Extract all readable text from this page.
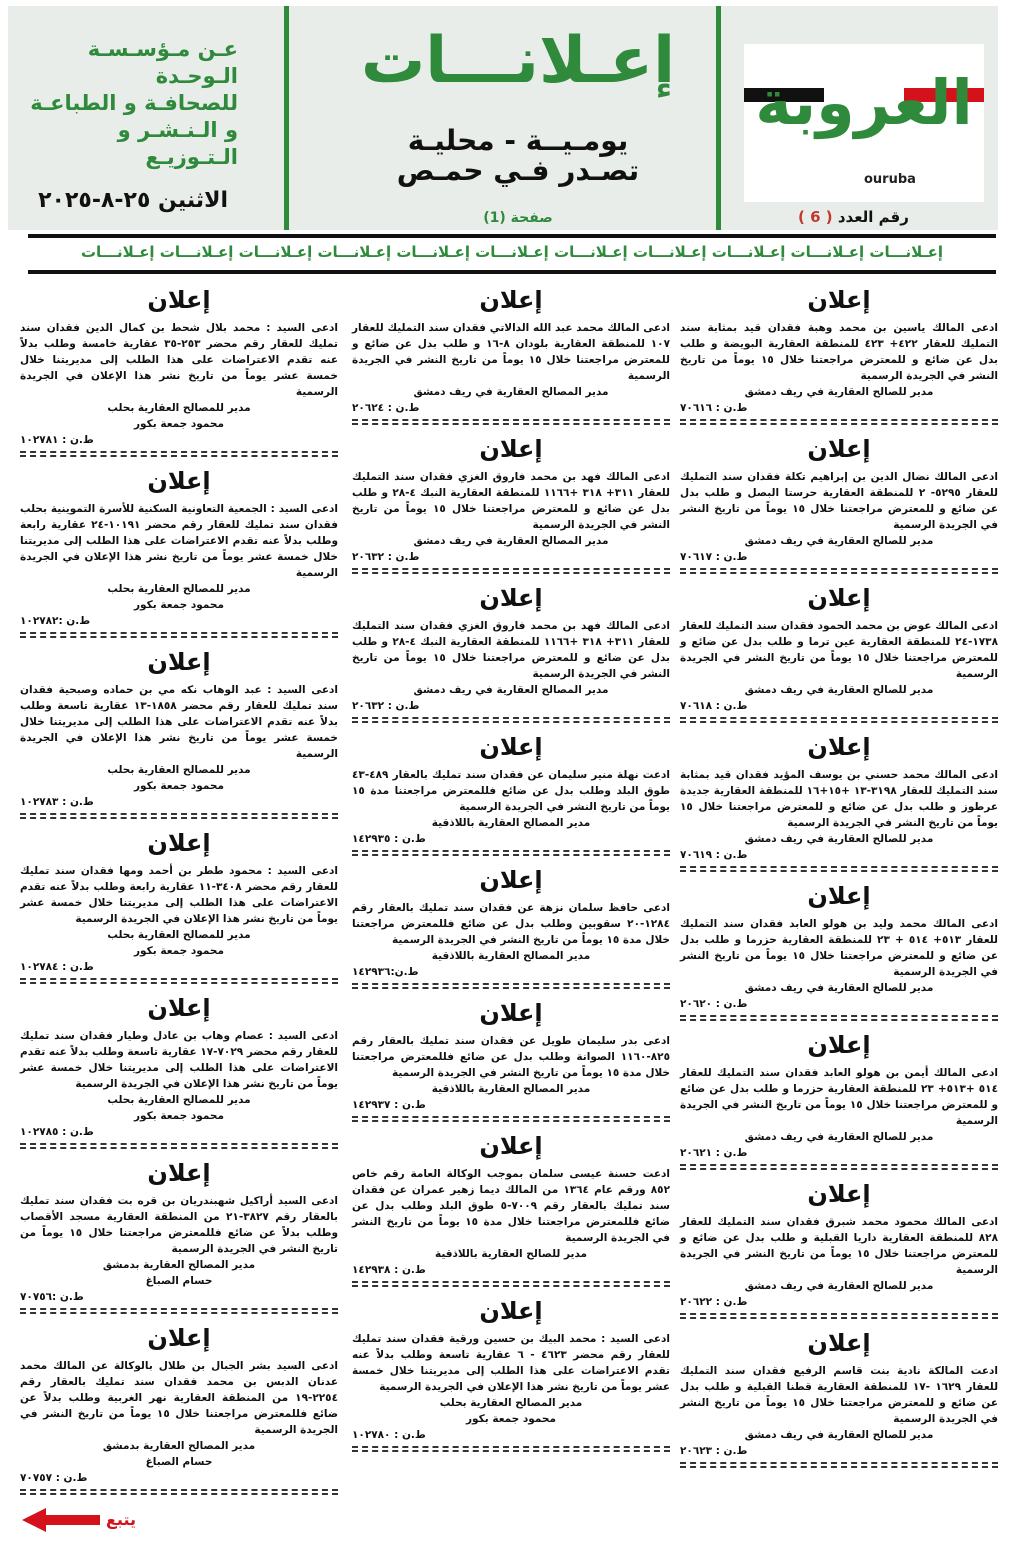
العروبة
ouruba
رقم العدد ( 6 )
إعـلانـــات
يومـيــة - محليـة
تصـدر فـي حمـص
صفحة (1)
عـن مـؤسـسـة الـوحـدة
للصحافـة و الطباعـة
و الـنـشـر و الـتـوزيـع
الاثنين ٢٥-٨-٢٠٢٥
إعـلانـــات إعـلانـــات إعـلانـــات إعـلانـــات إعـلانـــات إعـلانـــات إعـلانـــات إعـلانـــات إعـلانـــات إعـلانـــات إعـلانـــات
إعلان
ادعى المالك ياسين بن محمد وهبة فقدان قيد بمثابة سند التمليك للعقار ٤٢٢+ ٤٢٣ للمنطقة العقارية البويضة و طلب بدل عن ضائع و للمعترض مراجعتنا خلال ١٥ يوماً من تاريخ النشر في الجريدة الرسمية
مدير للصالح العقارية في ريف دمشق
ط.ن : ٧٠٦١٦
إعلان
ادعى المالك نضال الدين بن إبراهيم تكلة فقدان سند التمليك للعقار ٥٢٩٥- ٢ للمنطقة العقارية حرستا البصل و طلب بدل عن ضائع و للمعترض مراجعتنا خلال ١٥ يوماً من تاريخ النشر في الجريدة الرسمية
مدير للصالح العقارية في ريف دمشق
ط.ن : ٧٠٦١٧
إعلان
ادعى المالك عوض بن محمد الحمود فقدان سند التمليك للعقار ١٧٣٨-٢٤ للمنطقة العقارية عين ترما و طلب بدل عن ضائع و للمعترض مراجعتنا خلال ١٥ يوماً من تاريخ النشر في الجريدة الرسمية
مدير للصالح العقارية في ريف دمشق
ط.ن : ٧٠٦١٨
إعلان
ادعى المالك محمد حسني بن يوسف المؤيد فقدان قيد بمثابة سند التمليك للعقار ٣١٩٨-١٣ +١٥+١٦ للمنطقة العقارية جديدة عرطوز و طلب بدل عن ضائع و للمعترض مراجعتنا خلال ١٥ يوماً من تاريخ النشر في الجريدة الرسمية
مدير للصالح العقارية في ريف دمشق
ط.ن : ٧٠٦١٩
إعلان
ادعى المالك محمد وليد بن هولو العابد فقدان سند التمليك للعقار ٥١٣+ ٥١٤ + ٢٣ للمنطقة العقارية حزرما و طلب بدل عن ضائع و للمعترض مراجعتنا خلال ١٥ يوماً من تاريخ النشر في الجريدة الرسمية
مدير للصالح العقارية في ريف دمشق
ط.ن : ٢٠٦٢٠
إعلان
ادعى المالك أيمن بن هولو العابد فقدان سند التمليك للعقار ٥١٤ +٥١٣+ ٢٣ للمنطقة العقارية حزرما و طلب بدل عن ضائع و للمعترض مراجعتنا خلال ١٥ يوماً من تاريخ النشر في الجريدة الرسمية
مدير للصالح العقارية في ريف دمشق
ط.ن : ٢٠٦٢١
إعلان
ادعى المالك محمود محمد شبرق فقدان سند التمليك للعقار ٨٢٨ للمنطقة العقارية داريا القبلية و طلب بدل عن ضائع و للمعترض مراجعتنا خلال ١٥ يوماً من تاريخ النشر في الجريدة الرسمية
مدير للصالح العقارية في ريف دمشق
ط.ن : ٢٠٦٢٢
إعلان
ادعت المالكة نادية بنت قاسم الرفيع فقدان سند التمليك للعقار ١٦٢٩ -١٧ للمنطقة العقارية قطنا القبلية و طلب بدل عن ضائع و للمعترض مراجعتنا خلال ١٥ يوماً من تاريخ النشر في الجريدة الرسمية
مدير للصالح العقارية في ريف دمشق
ط.ن : ٢٠٦٢٣
إعلان
ادعى المالك محمد عبد الله الدالاتي فقدان سند التمليك للعقار ١٠٧ للمنطقة العقارية بلودان ٨-١٦ و طلب بدل عن ضائع و للمعترض مراجعتنا خلال ١٥ يوماً من تاريخ النشر في الجريدة الرسمية
مدير المصالح العقارية في ريف دمشق
ط.ن : ٢٠٦٢٤
إعلان
ادعى المالك فهد بن محمد فاروق الغزي فقدان سند التمليك للعقار ٣١١+ ٣١٨ +١١٦٦ للمنطقة العقارية النبك ٤-٢٨ و طلب بدل عن ضائع و للمعترض مراجعتنا خلال ١٥ يوماً من تاريخ النشر في الجريدة الرسمية
مدير المصالح العقارية في ريف دمشق
ط.ن : ٢٠٦٣٢
إعلان
ادعى المالك فهد بن محمد فاروق الغزي فقدان سند التمليك للعقار ٣١١+ ٣١٨ +١١٦٦ للمنطقة العقارية النبك ٤-٢٨ و طلب بدل عن ضائع و للمعترض مراجعتنا خلال ١٥ يوماً من تاريخ النشر في الجريدة الرسمية
مدير المصالح العقارية في ريف دمشق
ط.ن : ٢٠٦٣٢
إعلان
ادعت نهلة منير سليمان عن فقدان سند تمليك بالعقار ٤٨٩-٤٣ طوق البلد وطلب بدل عن ضائع فللمعترض مراجعتنا مدة ١٥ يوماً من تاريخ النشر في الجريدة الرسمية
مدير المصالح العقارية باللاذقية
ط.ن : ١٤٢٩٣٥
إعلان
ادعى حافظ سلمان نزهة عن فقدان سند تمليك بالعقار رقم ١٢٨٤-٢٠ سقوبين وطلب بدل عن ضائع فللمعترض مراجعتنا خلال مدة ١٥ يوماً من تاريخ النشر في الجريدة الرسمية
مدير المصالح العقارية باللاذقية
ط.ن:١٤٢٩٣٦
إعلان
ادعى بدر سليمان طويل عن فقدان سند تمليك بالعقار رقم ٨٢٥-١١٦٠ الصوانة وطلب بدل عن ضائع فللمعترض مراجعتنا خلال مدة ١٥ يوماً من تاريخ النشر في الجريدة الرسمية
مدير المصالح العقارية باللاذقية
ط.ن : ١٤٢٩٣٧
إعلان
ادعت حسنة عيسى سلمان بموجب الوكالة العامة رقم خاص ٨٥٢ ورقم عام ١٣٦٤ من المالك ديما زهير عمران عن فقدان سند تمليك بالعقار رقم ٧٠٠٩-٥ طوق البلد وطلب بدل عن ضائع فللمعترض مراجعتنا خلال مدة ١٥ يوماً من تاريخ النشر في الجريدة الرسمية
مدير للصالح العقارية باللاذقية
ط.ن : ١٤٢٩٣٨
إعلان
ادعى السيد : محمد البيك بن حسين ورقية فقدان سند تمليك للعقار رقم محضر ٤٦٢٣ - ٦ عقارية تاسعة وطلب بدلاً عنه تقدم الاعتراضات على هذا الطلب إلى مديريتنا خلال خمسة عشر يوماً من تاريخ نشر هذا الإعلان في الجريدة الرسمية
مدير المصالح العقارية بحلب
محمود جمعة بكور
ط.ن : ١٠٢٧٨٠
إعلان
ادعى السيد : محمد بلال شحط بن كمال الدين فقدان سند تمليك للعقار رقم محضر ٢٥٣-٣٥ عقارية خامسة وطلب بدلاً عنه تقدم الاعتراضات على هذا الطلب إلى مديريتنا خلال خمسة عشر يوماً من تاريخ نشر هذا الإعلان في الجريدة الرسمية
مدير للمصالح العقارية بحلب
محمود جمعة بكور
ط.ن : ١٠٢٧٨١
إعلان
ادعى السيد : الجمعية التعاونية السكنية للأسرة التموينية بحلب فقدان سند تمليك للعقار رقم محضر ١٠١٩١-٢٤ عقارية رابعة وطلب بدلاً عنه تقدم الاعتراضات على هذا الطلب إلى مديريتنا خلال خمسة عشر يوماً من تاريخ نشر هذا الإعلان في الجريدة الرسمية
مدير للمصالح العقارية بحلب
محمود جمعة بكور
ط.ن :١٠٢٧٨٢
إعلان
ادعى السيد : عبد الوهاب نكه مي بن حماده وصبحية فقدان سند تمليك للعقار رقم محضر ١٨٥٨-١٣ عقارية تاسعة وطلب بدلاً عنه تقدم الاعتراضات على هذا الطلب إلى مديريتنا خلال خمسة عشر يوماً من تاريخ نشر هذا الإعلان في الجريدة الرسمية
مدير للمصالح العقارية بحلب
محمود جمعة بكور
ط.ن : ١٠٢٧٨٣
إعلان
ادعى السيد : محمود ططر بن أحمد ومها فقدان سند تمليك للعقار رقم محضر ٣٤٠٨-١١ عقارية رابعة وطلب بدلاً عنه تقدم الاعتراضات على هذا الطلب إلى مديريتنا خلال خمسة عشر يوماً من تاريخ نشر هذا الإعلان في الجريدة الرسمية
مدير للمصالح العقارية بحلب
محمود جمعة بكور
ط.ن : ١٠٢٧٨٤
إعلان
ادعى السيد : عصام وهاب بن عادل وطيار فقدان سند تمليك للعقار رقم محضر ٧٠٢٩-١٧ عقارية تاسعة وطلب بدلاً عنه تقدم الاعتراضات على هذا الطلب إلى مديريتنا خلال خمسة عشر يوماً من تاريخ نشر هذا الإعلان في الجريدة الرسمية
مدير للمصالح العقارية بحلب
محمود جمعة بكور
ط.ن : ١٠٢٧٨٥
إعلان
ادعى السيد أراكيل شهبندريان بن قره بت فقدان سند تمليك بالعقار رقم ٣٨٢٧-٢١ من المنطقة العقارية مسجد الأقصاب وطلب بدلاً عن ضائع فللمعترض مراجعتنا خلال ١٥ يوماً من تاريخ النشر في الجريدة الرسمية
مدير المصالح العقارية بدمشق
حسام الصباغ
ط.ن :٧٠٧٥٦
إعلان
ادعى السيد بشر الجبال بن طلال بالوكالة عن المالك محمد عدنان الدبس بن محمد فقدان سند تمليك بالعقار رقم ٢٢٥٤-١٩ من المنطقة العقارية نهر الغربية وطلب بدلاً عن ضائع فللمعترض مراجعتنا خلال ١٥ يوماً من تاريخ النشر في الجريدة الرسمية
مدير المصالح العقارية بدمشق
حسام الصباغ
ط.ن : ٧٠٧٥٧
يتبع
